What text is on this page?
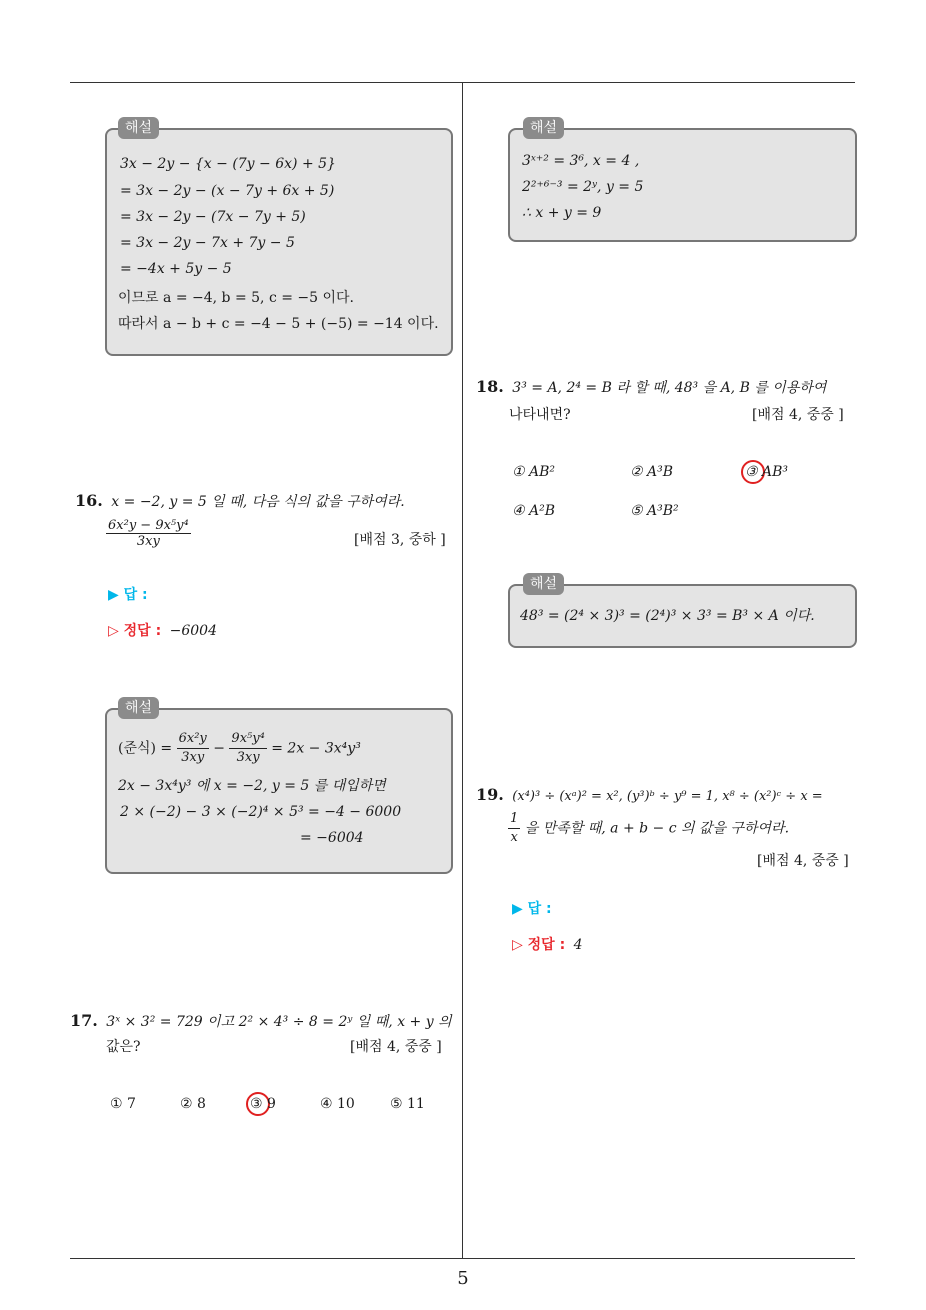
해설
3x − 2y − {x − (7y − 6x) + 5}
= 3x − 2y − (x − 7y + 6x + 5)
= 3x − 2y − (7x − 7y + 5)
= 3x − 2y − 7x + 7y − 5
= −4x + 5y − 5
이므로 a = −4, b = 5, c = −5 이다.
따라서 a − b + c = −4 − 5 + (−5) = −14 이다.
16. x = −2, y = 5 일 때, 다음 식의 값을 구하여라.
$\frac{\text{6x²y − 9x⁵y⁴}}{3xy}$	[배점 3, 중하 ]
▶ 답 :
▷ 정답 : −6004
해설
(준식) = $\frac{\text{6x²y}}{3xy} - \frac{\text{9x⁵y⁴}}{3xy} = 2x - 3x^4y^3$
2x − 3x⁴y³ 에 x = −2, y = 5 를 대입하면
2 × (−2) − 3 × (−2)⁴ × 5³ = −4 − 6000
= −6004
17. 3ˣ × 3² = 729 이고 2² × 4³ ÷ 8 = 2ʸ 일 때, x + y 의
값은?	[배점 4, 중중 ]
① 7	② 8	③ 9	④ 10	⑤ 11
해설
3ˣ⁺² = 3⁶, x = 4 ,
2²⁺⁶⁻³ = 2ʸ, y = 5
∴ x + y = 9
18. 3³ = A, 2⁴ = B 라 할 때, 48³ 을 A, B 를 이용하여
나타내면?	[배점 4, 중중 ]
① AB²	② A³B	③ AB³
④ A²B	⑤ A³B²
해설
48³ = (2⁴ × 3)³ = (2⁴)³ × 3³ = B³ × A 이다.
19. (x⁴)³ ÷ (xᵃ)² = x², (y³)ᵇ ÷ y⁹ = 1, x⁸ ÷ (x²)ᶜ ÷ x =
$\frac{1}{x}$ 을 만족할 때, a + b − c 의 값을 구하여라.
[배점 4, 중중 ]
▶ 답 :
▷ 정답 : 4
5
